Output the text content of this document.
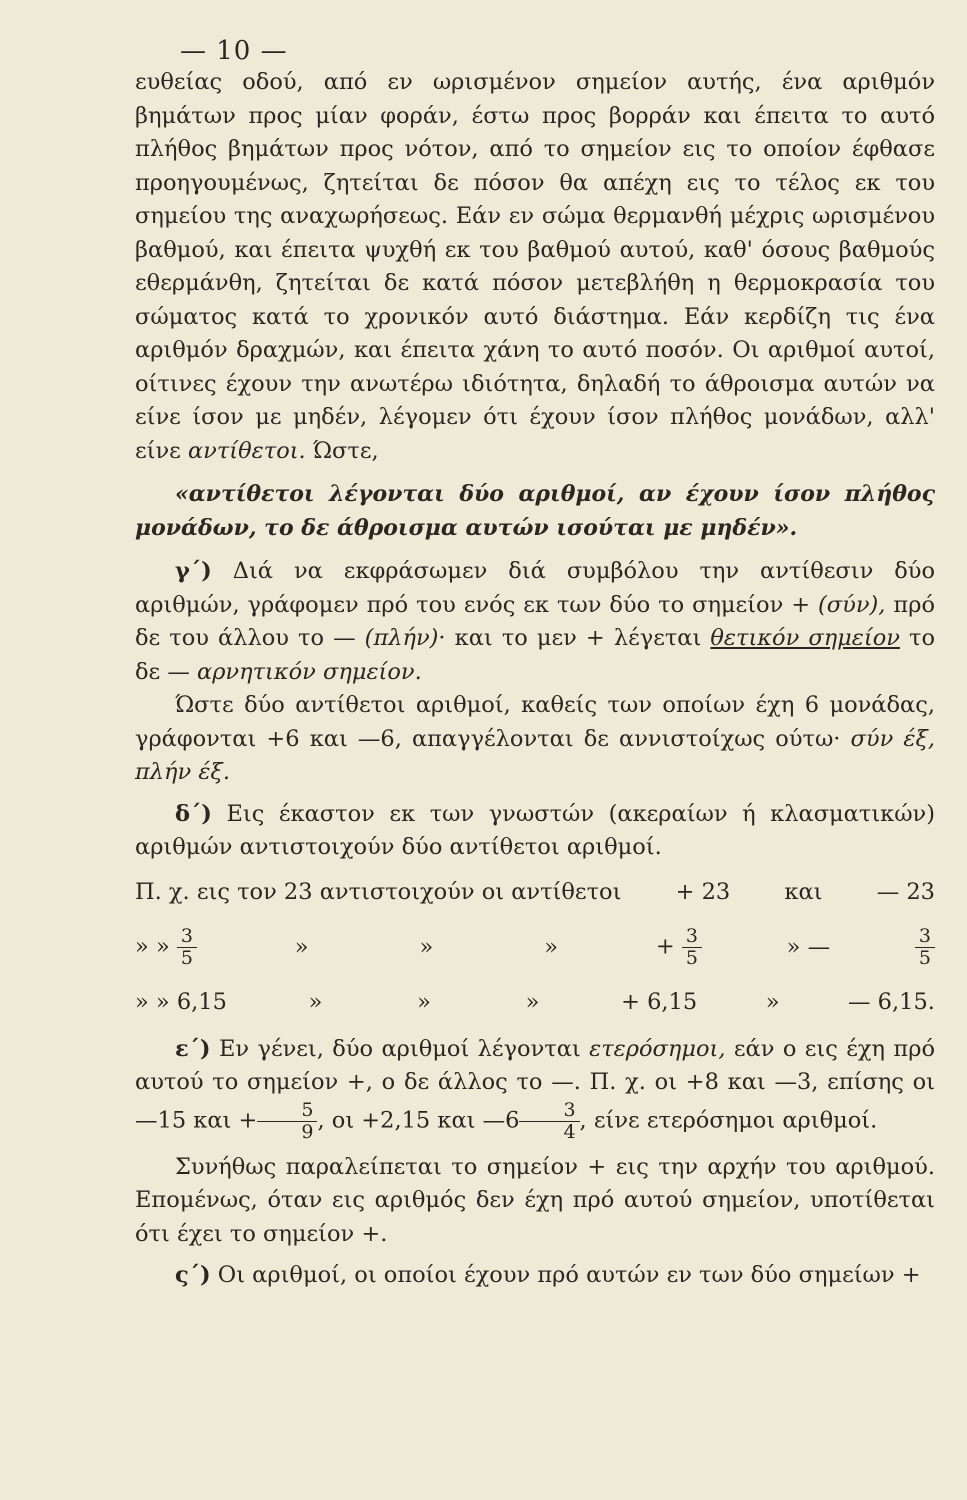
— 10 —

ευθείας οδού, από εν ωρισμένον σημείον αυτής, ένα αριθμόν βημάτων προς μίαν φοράν, έστω προς βορράν και έπειτα το αυτό πλήθος βημάτων προς νότον, από το σημείον εις το οποίον έφθασε προηγουμένως, ζητείται δε πόσον θα απέχη εις το τέλος εκ του σημείου της αναχωρήσεως. Εάν εν σώμα θερμανθή μέχρις ωρισμένου βαθμού, και έπειτα ψυχθή εκ του βαθμού αυτού, καθ' όσους βαθμούς εθερμάνθη, ζητείται δε κατά πόσον μετεβλήθη η θερμοκρασία του σώματος κατά το χρονικόν αυτό διάστημα. Εάν κερδίζη τις ένα αριθμόν δραχμών, και έπειτα χάνη το αυτό ποσόν. Οι αριθμοί αυτοί, οίτινες έχουν την ανωτέρω ιδιότητα, δηλαδή το άθροισμα αυτών να είνε ίσον με μηδέν, λέγομεν ότι έχουν ίσον πλήθος μονάδων, αλλ' είνε αντίθετοι. Ώστε,

«αντίθετοι λέγονται δύο αριθμοί, αν έχουν ίσον πλήθος μονάδων, το δε άθροισμα αυτών ισούται με μηδέν».

γ΄) Διά να εκφράσωμεν διά συμβόλου την αντίθεσιν δύο αριθμών, γράφομεν πρό του ενός εκ των δύο το σημείον + (σύν), πρό δε του άλλου το — (πλήν)· και το μεν + λέγεται θετικόν σημείον το δε — αρνητικόν σημείον.

Ώστε δύο αντίθετοι αριθμοί, καθείς των οποίων έχη 6 μονάδας, γράφονται +6 και —6, απαγγέλονται δε αννιστοίχως ούτω· σύν έξ, πλήν έξ.

δ΄) Εις έκαστον εκ των γνωστών (ακεραίων ή κλασματικών) αριθμών αντιστοιχούν δύο αντίθετοι αριθμοί.

Π. χ. εις τον 23 αντιστοιχούν οι αντίθετοι + 23 και — 23
» » $\frac{3}{5}$	»	»	»	+ $\frac{3}{5}$	» —	$\frac{3}{5}$
» » 6,15	»	»	»	+ 6,15	»	— 6,15.

ε΄) Εν γένει, δύο αριθμοί λέγονται ετερόσημοι, εάν ο εις έχη πρό αυτού το σημείον +, ο δε άλλος το —. Π. χ. οι +8 και —3, επίσης οι —15 $\kappa\alpha\iota + \frac{5}{9}$ , οι +2,15 και —6 $\frac{3}{4}$ , είνε ετερόσημοι αριθμοί.

Συνήθως παραλείπεται το σημείον + εις την αρχήν του αριθμού. Επομένως, όταν εις αριθμός δεν έχη πρό αυτού σημείον, υποτίθεται ότι έχει το σημείον +.

ς΄) Οι αριθμοί, οι οποίοι έχουν πρό αυτών εν των δύο σημείων +
